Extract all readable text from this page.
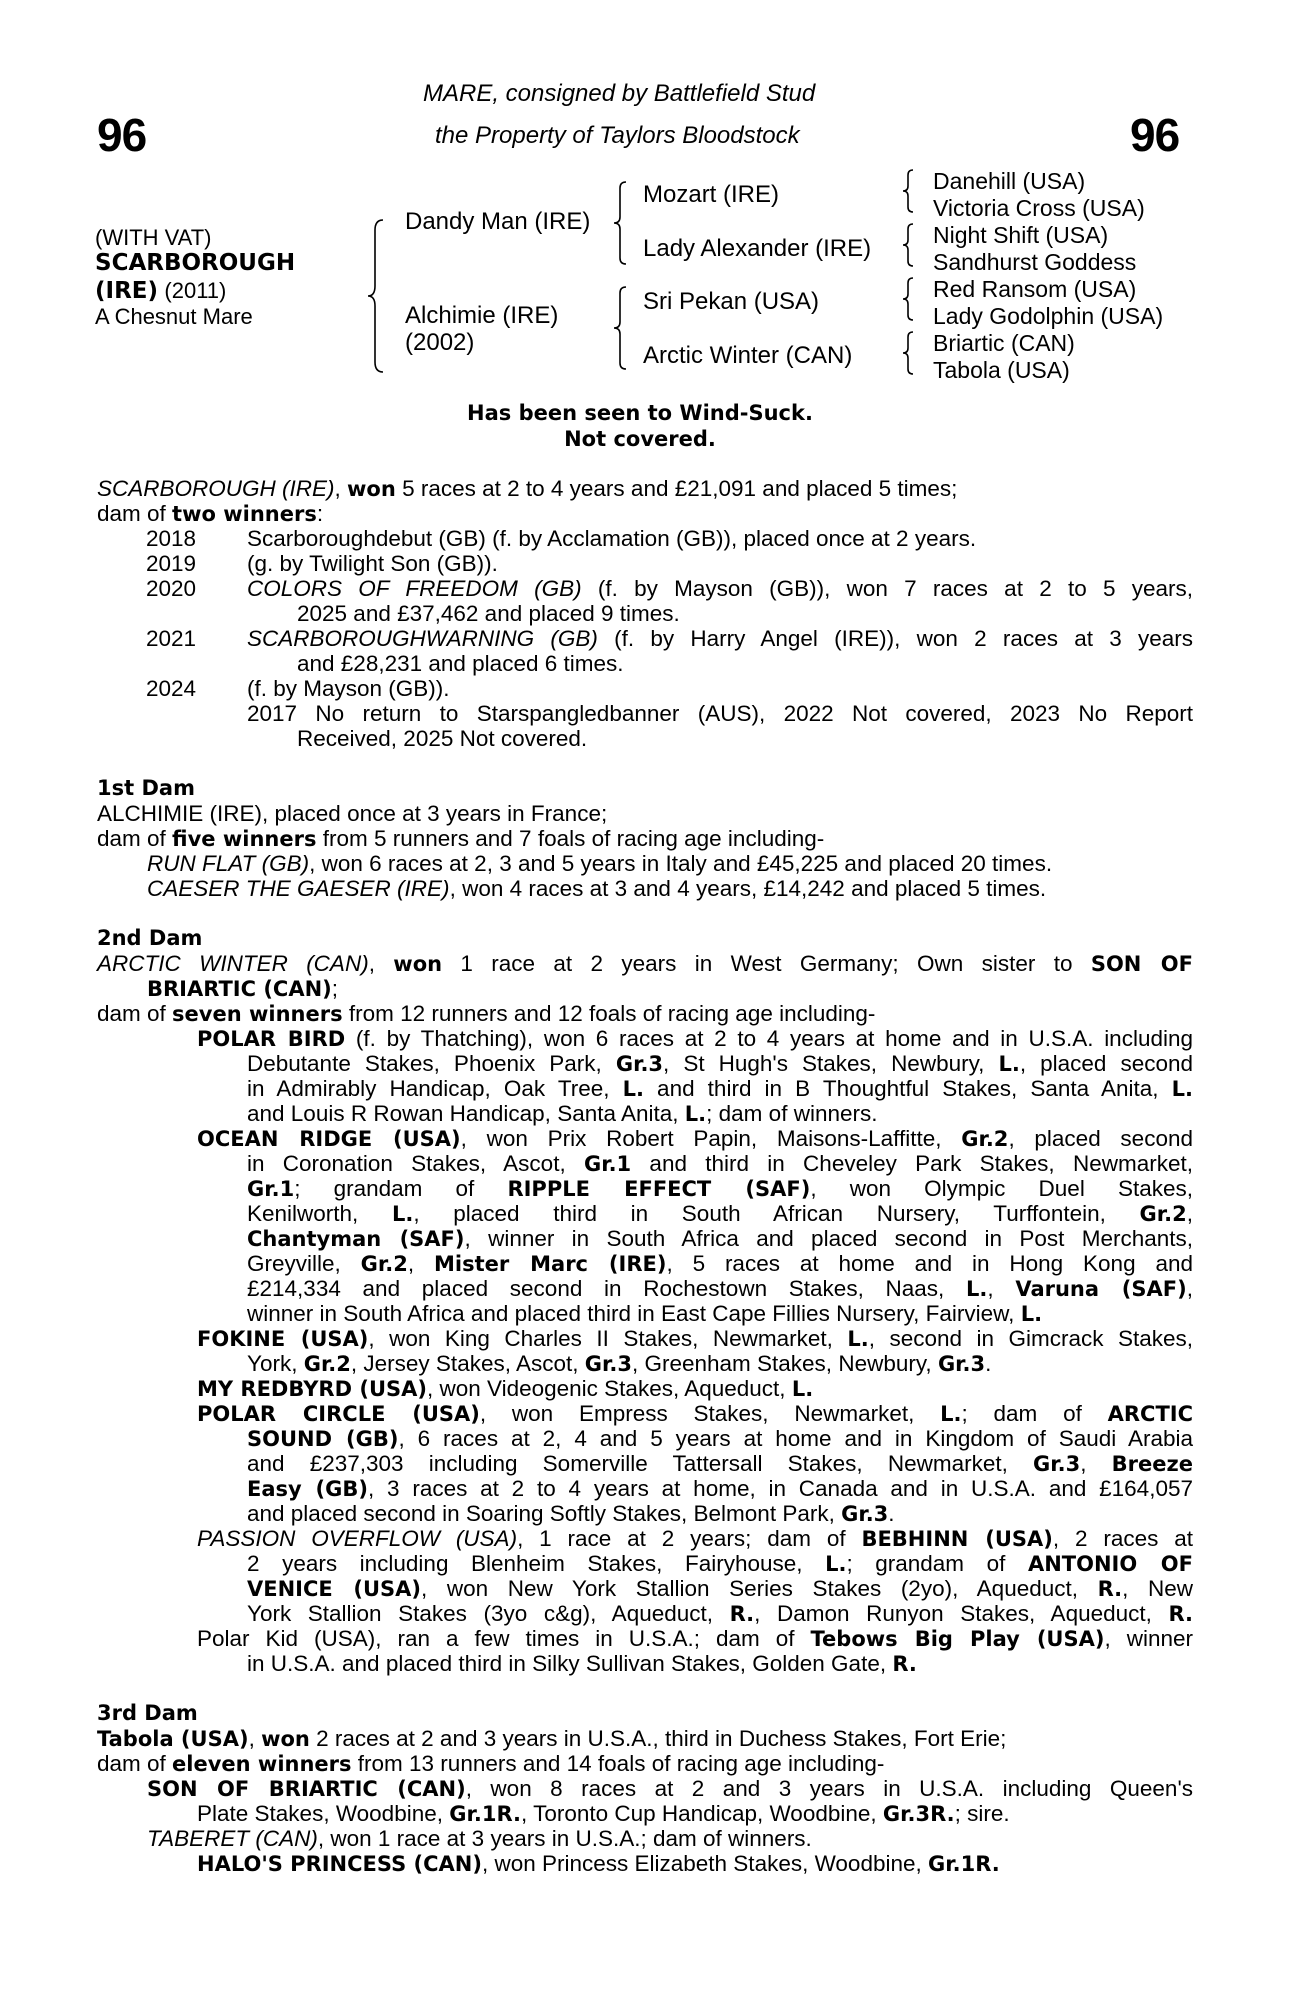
96	96
MARE, consigned by Battlefield Stud
the Property of Taylors Bloodstock
(WITH VAT)
SCARBOROUGH
(IRE) (2011)
A Chesnut Mare
Dandy Man (IRE)
Alchimie (IRE)
(2002)
Mozart (IRE)
Lady Alexander (IRE)
Sri Pekan (USA)
Arctic Winter (CAN)
Danehill (USA)
Victoria Cross (USA)
Night Shift (USA)
Sandhurst Goddess
Red Ransom (USA)
Lady Godolphin (USA)
Briartic (CAN)
Tabola (USA)
Has been seen to Wind-Suck.
Not covered.
SCARBOROUGH (IRE), won 5 races at 2 to 4 years and £21,091 and placed 5 times;
dam of two winners:
2018 Scarboroughdebut (GB) (f. by Acclamation (GB)), placed once at 2 years.
2019 (g. by Twilight Son (GB)).
2020 COLORS OF FREEDOM (GB) (f. by Mayson (GB)), won 7 races at 2 to 5 years,
2025 and £37,462 and placed 9 times.
2021 SCARBOROUGHWARNING (GB) (f. by Harry Angel (IRE)), won 2 races at 3 years
and £28,231 and placed 6 times.
2024 (f. by Mayson (GB)).
2017 No return to Starspangledbanner (AUS), 2022 Not covered, 2023 No Report
Received, 2025 Not covered.
1st Dam
ALCHIMIE (IRE), placed once at 3 years in France;
dam of five winners from 5 runners and 7 foals of racing age including-
RUN FLAT (GB), won 6 races at 2, 3 and 5 years in Italy and £45,225 and placed 20 times.
CAESER THE GAESER (IRE), won 4 races at 3 and 4 years, £14,242 and placed 5 times.
2nd Dam
ARCTIC WINTER (CAN), won 1 race at 2 years in West Germany; Own sister to SON OF
BRIARTIC (CAN);
dam of seven winners from 12 runners and 12 foals of racing age including-
POLAR BIRD (f. by Thatching), won 6 races at 2 to 4 years at home and in U.S.A. including
Debutante Stakes, Phoenix Park, Gr.3, St Hugh's Stakes, Newbury, L., placed second
in Admirably Handicap, Oak Tree, L. and third in B Thoughtful Stakes, Santa Anita, L.
and Louis R Rowan Handicap, Santa Anita, L.; dam of winners.
OCEAN RIDGE (USA), won Prix Robert Papin, Maisons-Laffitte, Gr.2, placed second
in Coronation Stakes, Ascot, Gr.1 and third in Cheveley Park Stakes, Newmarket,
Gr.1; grandam of RIPPLE EFFECT (SAF), won Olympic Duel Stakes,
Kenilworth, L., placed third in South African Nursery, Turffontein, Gr.2,
Chantyman (SAF), winner in South Africa and placed second in Post Merchants,
Greyville, Gr.2, Mister Marc (IRE), 5 races at home and in Hong Kong and
£214,334 and placed second in Rochestown Stakes, Naas, L., Varuna (SAF),
winner in South Africa and placed third in East Cape Fillies Nursery, Fairview, L.
FOKINE (USA), won King Charles II Stakes, Newmarket, L., second in Gimcrack Stakes,
York, Gr.2, Jersey Stakes, Ascot, Gr.3, Greenham Stakes, Newbury, Gr.3.
MY REDBYRD (USA), won Videogenic Stakes, Aqueduct, L.
POLAR CIRCLE (USA), won Empress Stakes, Newmarket, L.; dam of ARCTIC
SOUND (GB), 6 races at 2, 4 and 5 years at home and in Kingdom of Saudi Arabia
and £237,303 including Somerville Tattersall Stakes, Newmarket, Gr.3, Breeze
Easy (GB), 3 races at 2 to 4 years at home, in Canada and in U.S.A. and £164,057
and placed second in Soaring Softly Stakes, Belmont Park, Gr.3.
PASSION OVERFLOW (USA), 1 race at 2 years; dam of BEBHINN (USA), 2 races at
2 years including Blenheim Stakes, Fairyhouse, L.; grandam of ANTONIO OF
VENICE (USA), won New York Stallion Series Stakes (2yo), Aqueduct, R., New
York Stallion Stakes (3yo c&g), Aqueduct, R., Damon Runyon Stakes, Aqueduct, R.
Polar Kid (USA), ran a few times in U.S.A.; dam of Tebows Big Play (USA), winner
in U.S.A. and placed third in Silky Sullivan Stakes, Golden Gate, R.
3rd Dam
Tabola (USA), won 2 races at 2 and 3 years in U.S.A., third in Duchess Stakes, Fort Erie;
dam of eleven winners from 13 runners and 14 foals of racing age including-
SON OF BRIARTIC (CAN), won 8 races at 2 and 3 years in U.S.A. including Queen's
Plate Stakes, Woodbine, Gr.1R., Toronto Cup Handicap, Woodbine, Gr.3R.; sire.
TABERET (CAN), won 1 race at 3 years in U.S.A.; dam of winners.
HALO'S PRINCESS (CAN), won Princess Elizabeth Stakes, Woodbine, Gr.1R.
